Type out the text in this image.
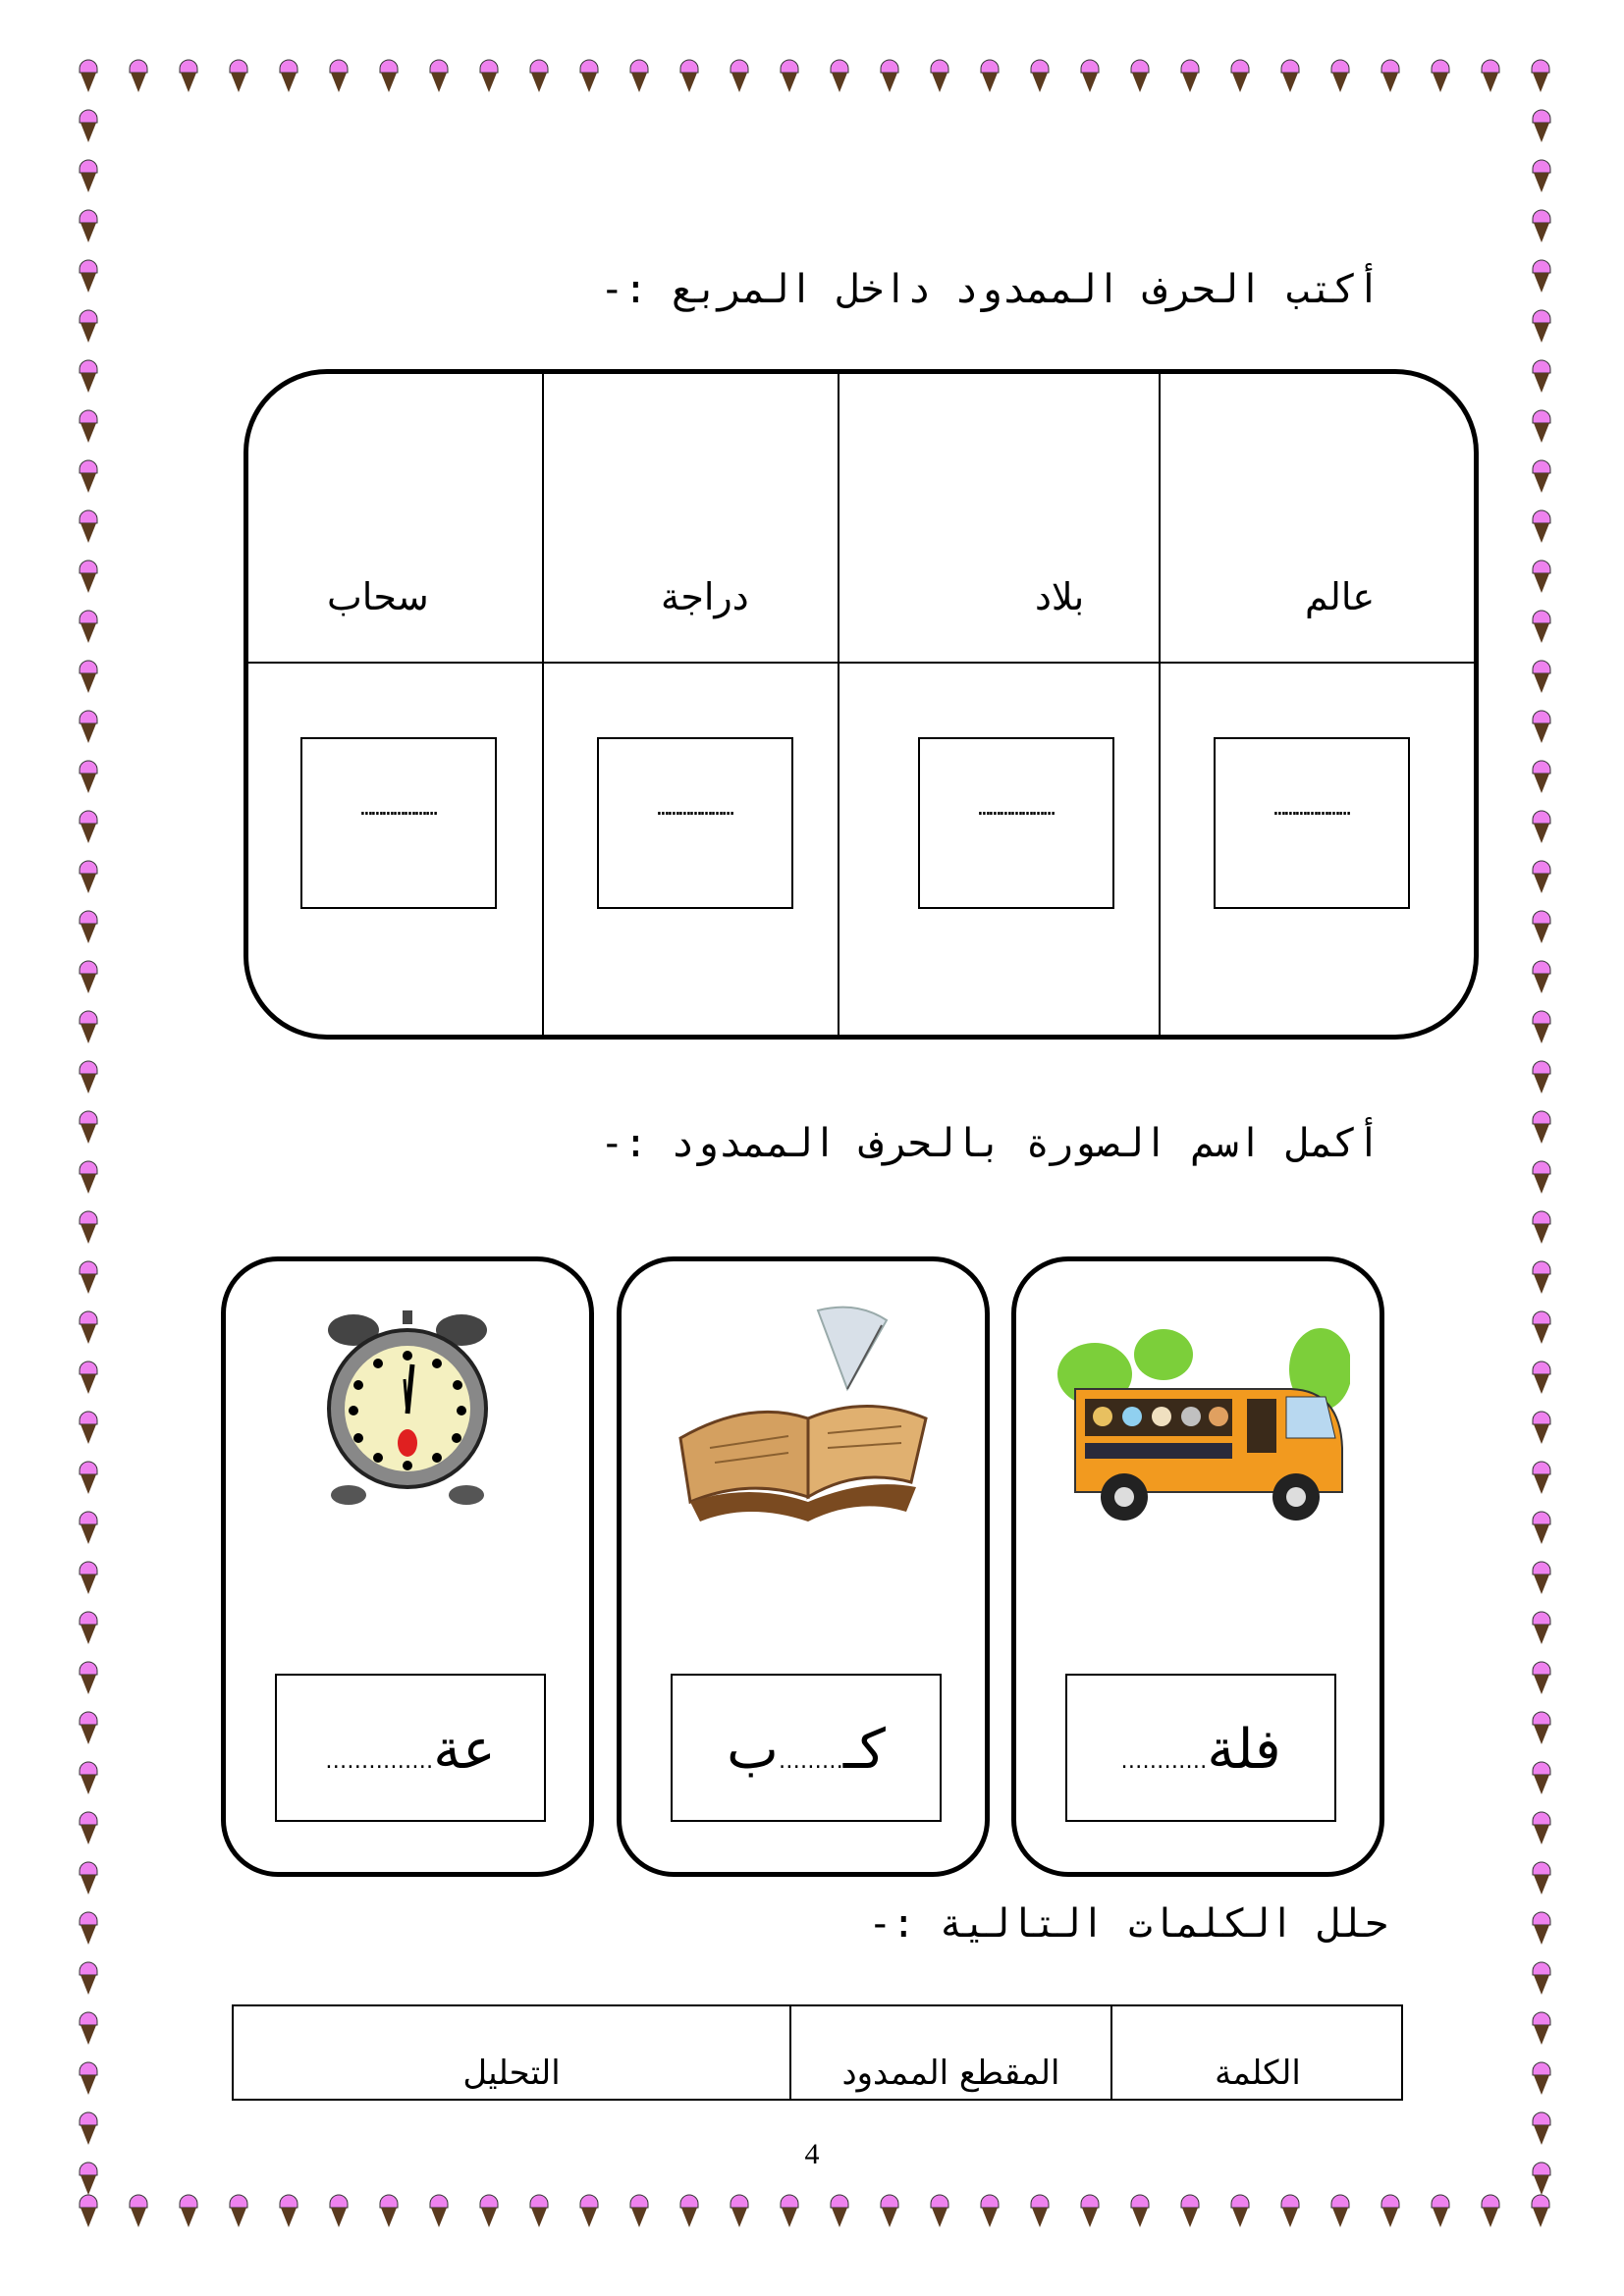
أكتب الحرف الممدود داخل المربع :-
عالم
بلاد
دراجة
سحاب
…………………
…………………
…………………
…………………
أكمل اسم الصورة بالحرف الممدود :-
فلة…………
كـ………ب
عة……………
حلل الكلمات التالية :-
الكلمة
المقطع الممدود
التحليل
4
